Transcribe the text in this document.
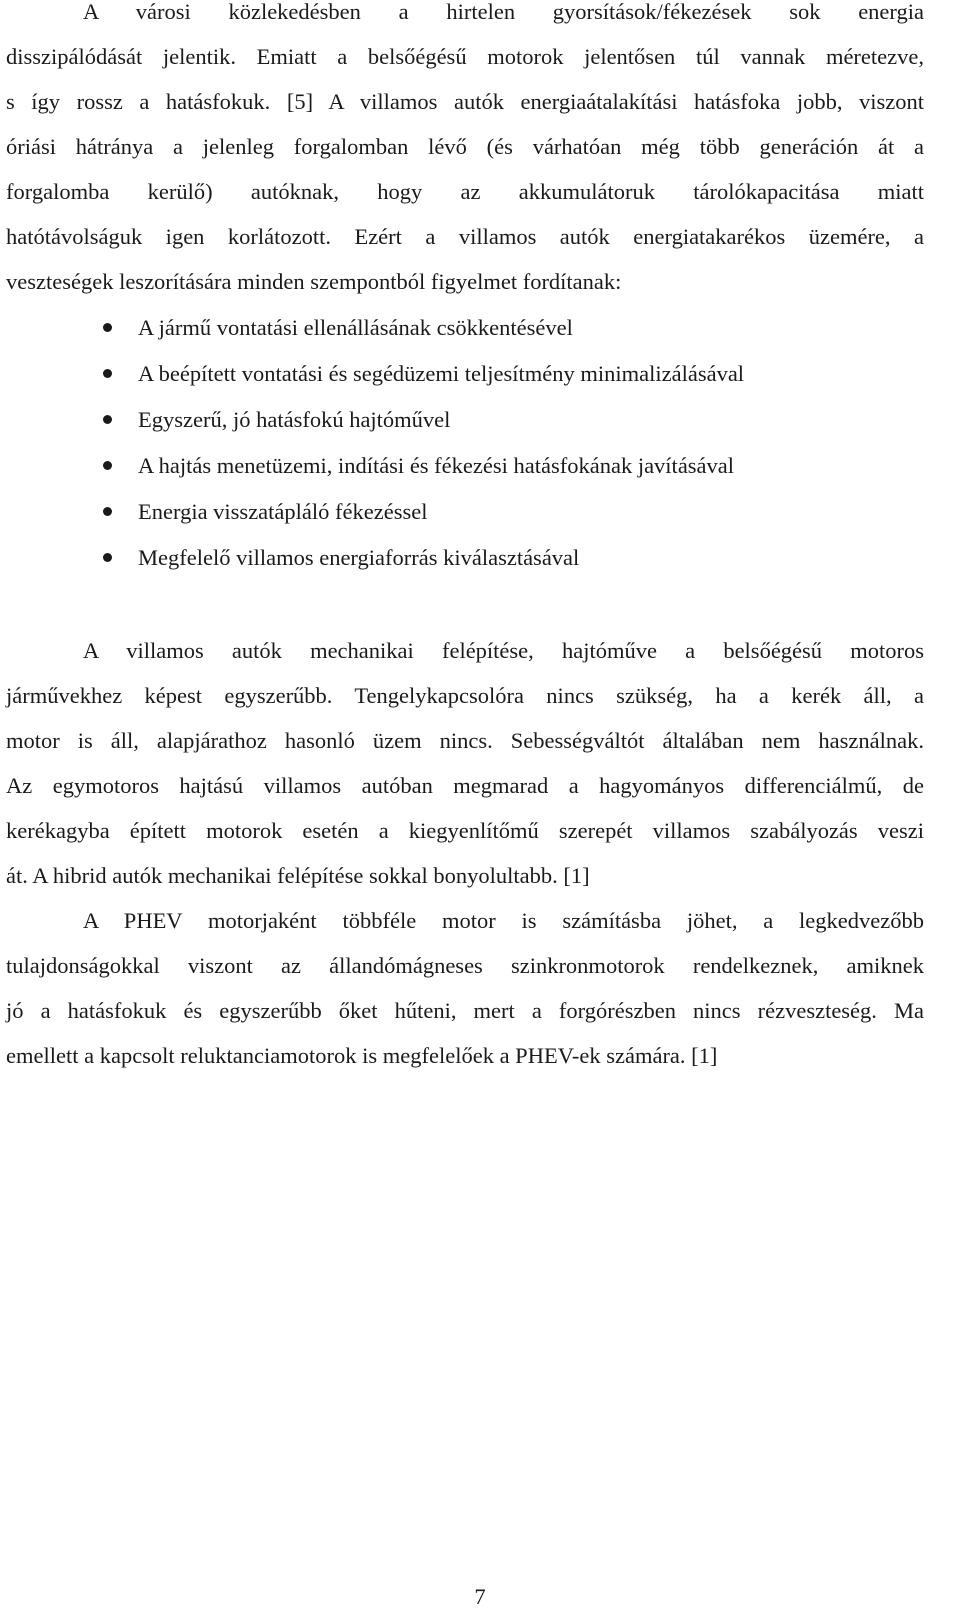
A városi közlekedésben a hirtelen gyorsítások/fékezések sok energia
disszipálódását jelentik. Emiatt a belsőégésű motorok jelentősen túl vannak méretezve,
s így rossz a hatásfokuk. [5] A villamos autók energiaátalakítási hatásfoka jobb, viszont
óriási hátránya a jelenleg forgalomban lévő (és várhatóan még több generáción át a
forgalomba kerülő) autóknak, hogy az akkumulátoruk tárolókapacitása miatt
hatótávolságuk igen korlátozott. Ezért a villamos autók energiatakarékos üzemére, a
veszteségek leszorítására minden szempontból figyelmet fordítanak:
A jármű vontatási ellenállásának csökkentésével
A beépített vontatási és segédüzemi teljesítmény minimalizálásával
Egyszerű, jó hatásfokú hajtóművel
A hajtás menetüzemi, indítási és fékezési hatásfokának javításával
Energia visszatápláló fékezéssel
Megfelelő villamos energiaforrás kiválasztásával
A villamos autók mechanikai felépítése, hajtóműve a belsőégésű motoros
járművekhez képest egyszerűbb. Tengelykapcsolóra nincs szükség, ha a kerék áll, a
motor is áll, alapjárathoz hasonló üzem nincs. Sebességváltót általában nem használnak.
Az egymotoros hajtású villamos autóban megmarad a hagyományos differenciálmű, de
kerékagyba épített motorok esetén a kiegyenlítőmű szerepét villamos szabályozás veszi
át. A hibrid autók mechanikai felépítése sokkal bonyolultabb. [1]
A PHEV motorjaként többféle motor is számításba jöhet, a legkedvezőbb
tulajdonságokkal viszont az állandómágneses szinkronmotorok rendelkeznek, amiknek
jó a hatásfokuk és egyszerűbb őket hűteni, mert a forgórészben nincs rézveszteség. Ma
emellett a kapcsolt reluktanciamotorok is megfelelőek a PHEV-ek számára. [1]
7
